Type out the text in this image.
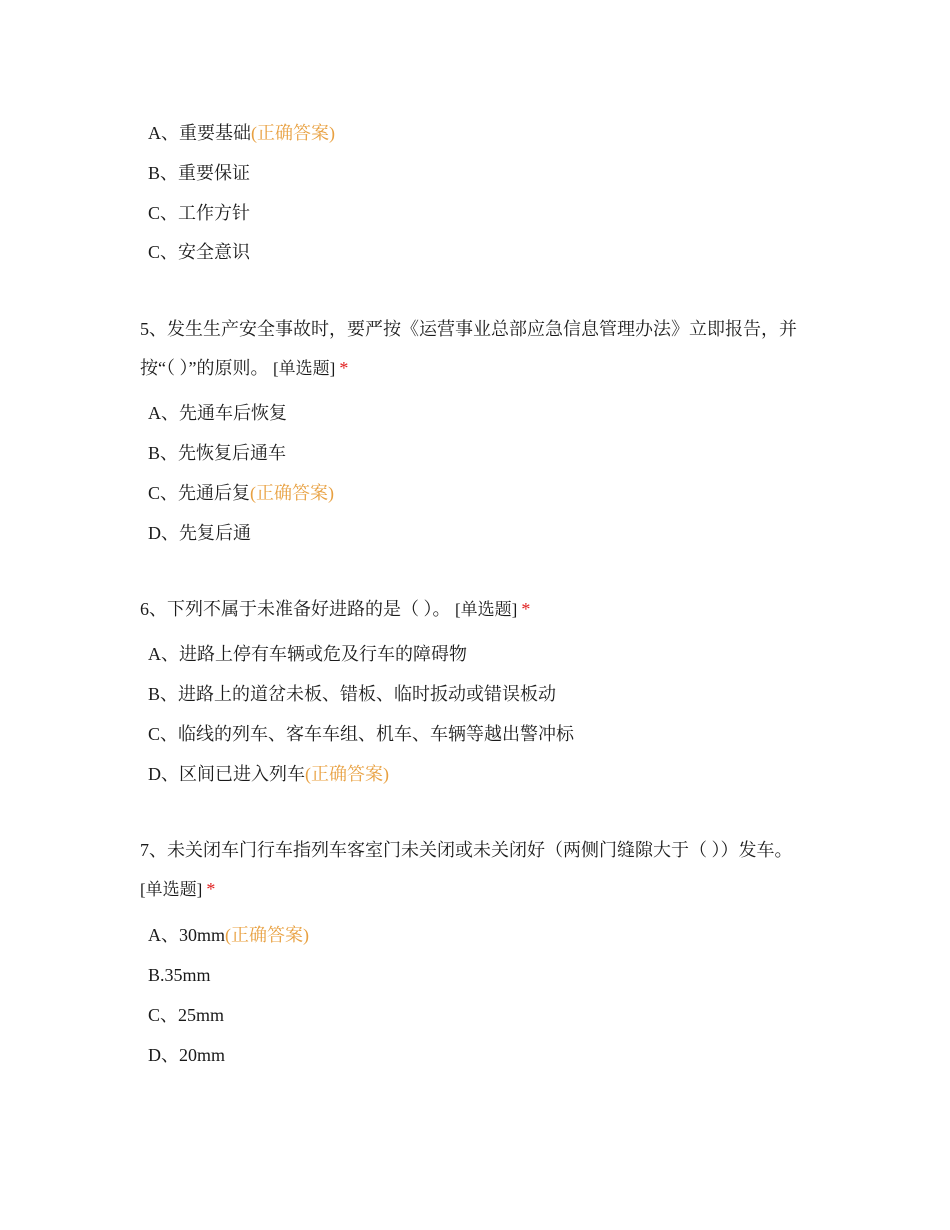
A、重要基础(正确答案)
B、重要保证
C、工作方针
C、安全意识
5、发生生产安全事故时，要严按《运营事业总部应急信息管理办法》立即报告，并按“（ ）”的原则。 [单选题] *
A、先通车后恢复
B、先恢复后通车
C、先通后复(正确答案)
D、先复后通
6、下列不属于未准备好进路的是（ ）。 [单选题] *
A、进路上停有车辆或危及行车的障碍物
B、进路上的道岔未板、错板、临时扳动或错误板动
C、临线的列车、客车车组、机车、车辆等越出警冲标
D、区间已进入列车(正确答案)
7、未关闭车门行车指列车客室门未关闭或未关闭好（两侧门缝隙大于（ ））发车。 [单选题] *
A、30mm(正确答案)
B.35mm
C、25mm
D、20mm
